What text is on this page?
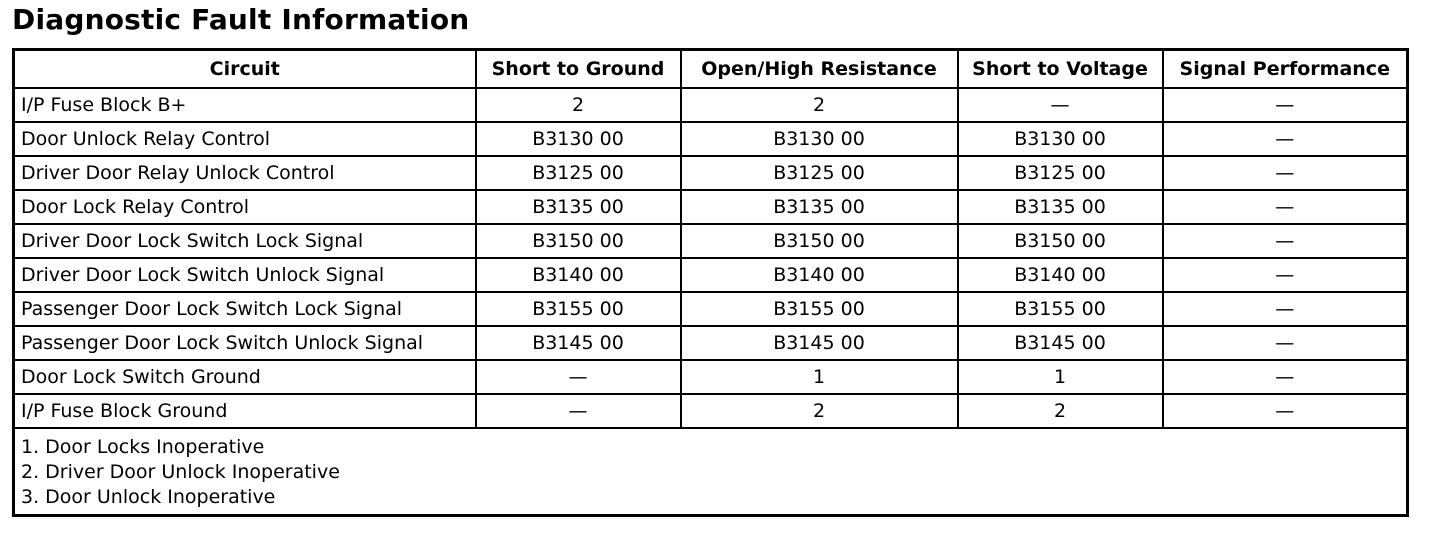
Diagnostic Fault Information
Circuit	Short to Ground	Open/High Resistance	Short to Voltage	Signal Performance
I/P Fuse Block B+	2	2	—	—
Door Unlock Relay Control	B3130 00	B3130 00	B3130 00	—
Driver Door Relay Unlock Control	B3125 00	B3125 00	B3125 00	—
Door Lock Relay Control	B3135 00	B3135 00	B3135 00	—
Driver Door Lock Switch Lock Signal	B3150 00	B3150 00	B3150 00	—
Driver Door Lock Switch Unlock Signal	B3140 00	B3140 00	B3140 00	—
Passenger Door Lock Switch Lock Signal	B3155 00	B3155 00	B3155 00	—
Passenger Door Lock Switch Unlock Signal	B3145 00	B3145 00	B3145 00	—
Door Lock Switch Ground	—	1	1	—
I/P Fuse Block Ground	—	2	2	—

1. Door Locks Inoperative
2. Driver Door Unlock Inoperative
3. Door Unlock Inoperative				
